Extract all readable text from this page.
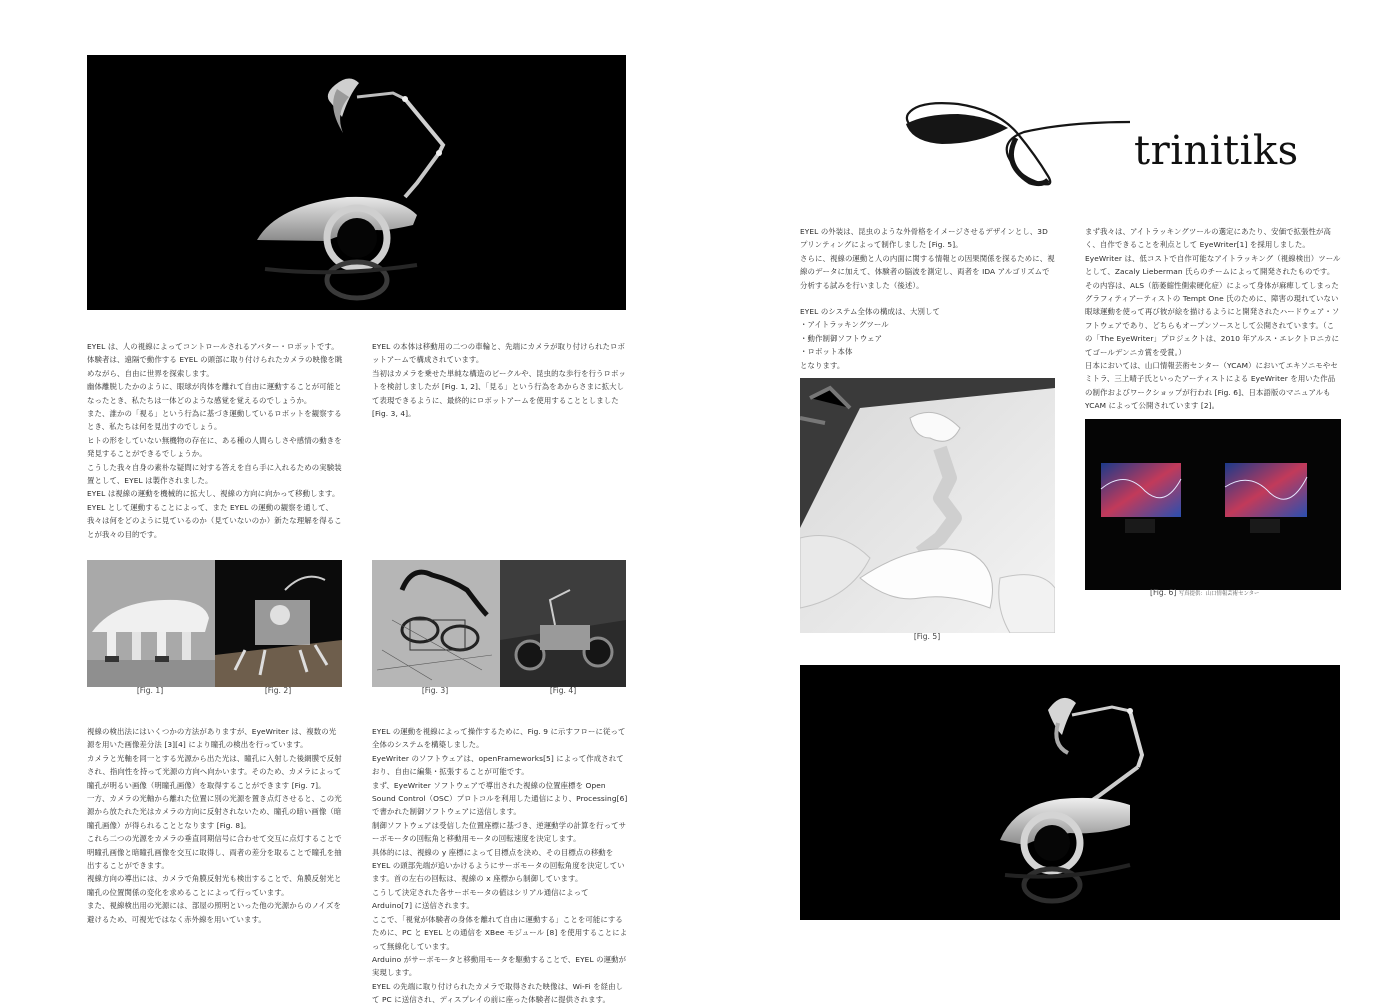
EYEL は、人の視線によってコントロールされるアバター・ロボットです。

体験者は、遠隔で動作する EYEL の頭部に取り付けられたカメラの映像を眺めながら、自由に世界を探索します。

幽体離脱したかのように、眼球が肉体を離れて自由に運動することが可能となったとき、私たちは一体どのような感覚を覚えるのでしょうか。

また、誰かの「視る」という行為に基づき運動しているロボットを観察するとき、私たちは何を見出すのでしょう。

ヒトの形をしていない無機物の存在に、ある種の人間らしさや感情の動きを発見することができるでしょうか。

こうした我々自身の素朴な疑問に対する答えを自ら手に入れるための実験装置として、EYEL は製作されました。

EYEL は視線の運動を機械的に拡大し、視線の方向に向かって移動します。

EYEL として運動することによって、また EYEL の運動の観察を通して、我々は何をどのように見ているのか（見ていないのか）新たな理解を得ることが我々の目的です。

EYEL の本体は移動用の二つの車輪と、先端にカメラが取り付けられたロボットアームで構成されています。

当初はカメラを乗せた単純な構造のビークルや、昆虫的な歩行を行うロボットを検討しましたが [Fig. 1, 2]、「見る」という行為をあからさまに拡大して表現できるように、最終的にロボットアームを使用することとしました [Fig. 3, 4]。

[Fig. 1]	[Fig. 2]	[Fig. 3]	[Fig. 4]

視線の検出法にはいくつかの方法がありますが、EyeWriter は、複数の光源を用いた画像差分法 [3][4] により瞳孔の検出を行っています。

カメラと光軸を同一とする光源から出た光は、瞳孔に入射した後網膜で反射され、指向性を持って光源の方向へ向かいます。そのため、カメラによって瞳孔が明るい画像（明瞳孔画像）を取得することができます [Fig. 7]。

一方、カメラの光軸から離れた位置に別の光源を置き点灯させると、この光源から放たれた光はカメラの方向に反射されないため、瞳孔の暗い画像（暗瞳孔画像）が得られることとなります [Fig. 8]。

これら二つの光源をカメラの垂直同期信号に合わせて交互に点灯することで明瞳孔画像と暗瞳孔画像を交互に取得し、両者の差分を取ることで瞳孔を抽出することができます。

視線方向の導出には、カメラで角膜反射光も検出することで、角膜反射光と瞳孔の位置関係の変化を求めることによって行っています。

また、視線検出用の光源には、部屋の照明といった他の光源からのノイズを避けるため、可視光ではなく赤外線を用いています。

EYEL の運動を視線によって操作するために、Fig. 9 に示すフローに従って全体のシステムを構築しました。

EyeWriter のソフトウェアは、openFrameworks[5] によって作成されており、自由に編集・拡張することが可能です。

まず、EyeWriter ソフトウェアで導出された視線の位置座標を Open Sound Control（OSC）プロトコルを利用した通信により、Processing[6] で書かれた制御ソフトウェアに送信します。

制御ソフトウェアは受信した位置座標に基づき、逆運動学の計算を行ってサーボモータの回転角と移動用モータの回転速度を決定します。

具体的には、視線の y 座標によって目標点を決め、その目標点の移動を EYEL の頭部先端が追いかけるようにサーボモータの回転角度を決定しています。首の左右の回転は、視線の x 座標から制御しています。

こうして決定された各サーボモータの値はシリアル通信によって Arduino[7] に送信されます。

ここで、「視覚が体験者の身体を離れて自由に運動する」ことを可能にするために、PC と EYEL との通信を XBee モジュール [8] を使用することによって無線化しています。

Arduino がサーボモータと移動用モータを駆動することで、EYEL の運動が実現します。

EYEL の先端に取り付けられたカメラで取得された映像は、Wi-Fi を経由して PC に送信され、ディスプレイの前に座った体験者に提供されます。

trinitiks

EYEL の外装は、昆虫のような外骨格をイメージさせるデザインとし、3D プリンティングによって制作しました [Fig. 5]。

さらに、視線の運動と人の内面に関する情報との因果関係を探るために、視線のデータに加えて、体験者の脳波を測定し、両者を IDA アルゴリズムで分析する試みを行いました（後述）。

EYEL のシステム全体の構成は、大別して

・アイトラッキングツール

・動作制御ソフトウェア

・ロボット本体

となります。

まず我々は、アイトラッキングツールの選定にあたり、安価で拡張性が高く、自作できることを利点として EyeWriter[1] を採用しました。

EyeWriter は、低コストで自作可能なアイトラッキング（視線検出）ツールとして、Zacaly Lieberman 氏らのチームによって開発されたものです。

その内容は、ALS（筋萎縮性側索硬化症）によって身体が麻痺してしまったグラフィティアーティストの Tempt One 氏のために、障害の現れていない眼球運動を使って再び彼が絵を描けるようにと開発されたハードウェア・ソフトウェアであり、どちらもオープンソースとして公開されています。（この「The EyeWriter」プロジェクトは、2010 年アルス・エレクトロニカにてゴールデンニカ賞を受賞。）

日本においては、山口情報芸術センター（YCAM）においてエキソニモやセミトラ、三上晴子氏といったアーティストによる EyeWriter を用いた作品の制作およびワークショップが行われ [Fig. 6]、日本語版のマニュアルも YCAM によって公開されています [2]。

[Fig. 5]
[Fig. 6] 写真提供：山口情報芸術センター
